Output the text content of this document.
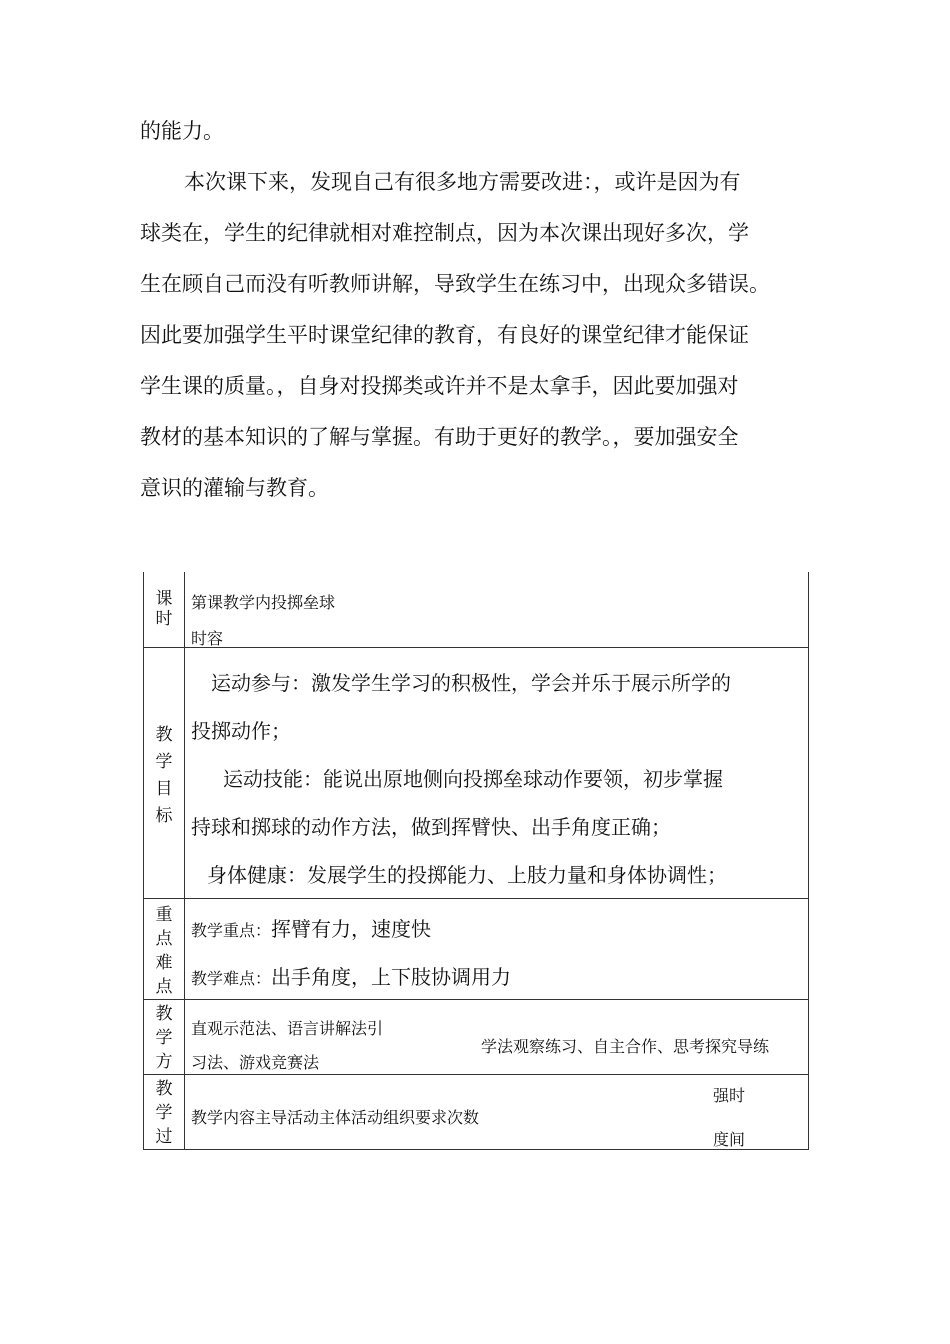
的能力。
本次课下来，发现自己有很多地方需要改进：，或许是因为有
球类在，学生的纪律就相对难控制点，因为本次课出现好多次，学
生在顾自己而没有听教师讲解，导致学生在练习中，出现众多错误。
因此要加强学生平时课堂纪律的教育，有良好的课堂纪律才能保证
学生课的质量。，自身对投掷类或许并不是太拿手，因此要加强对
教材的基本知识的了解与掌握。有助于更好的教学。，要加强安全
意识的灌输与教育。
课时	第课教学内投掷垒球
时容

教学目标	运动参与：激发学生学习的积极性，学会并乐于展示所学的
投掷动作；
运动技能：能说出原地侧向投掷垒球动作要领，初步掌握
持球和掷球的动作方法，做到挥臂快、出手角度正确；
身体健康：发展学生的投掷能力、上肢力量和身体协调性；

重点难点	教学重点：挥臂有力，速度快
教学难点：出手角度，上下肢协调用力

教学方	直观示范法、语言讲解法引
习法、游戏竞赛法
学法观察练习、自主合作、思考探究导练

教学过	教学内容主导活动主体活动组织要求次数
强时
度间
